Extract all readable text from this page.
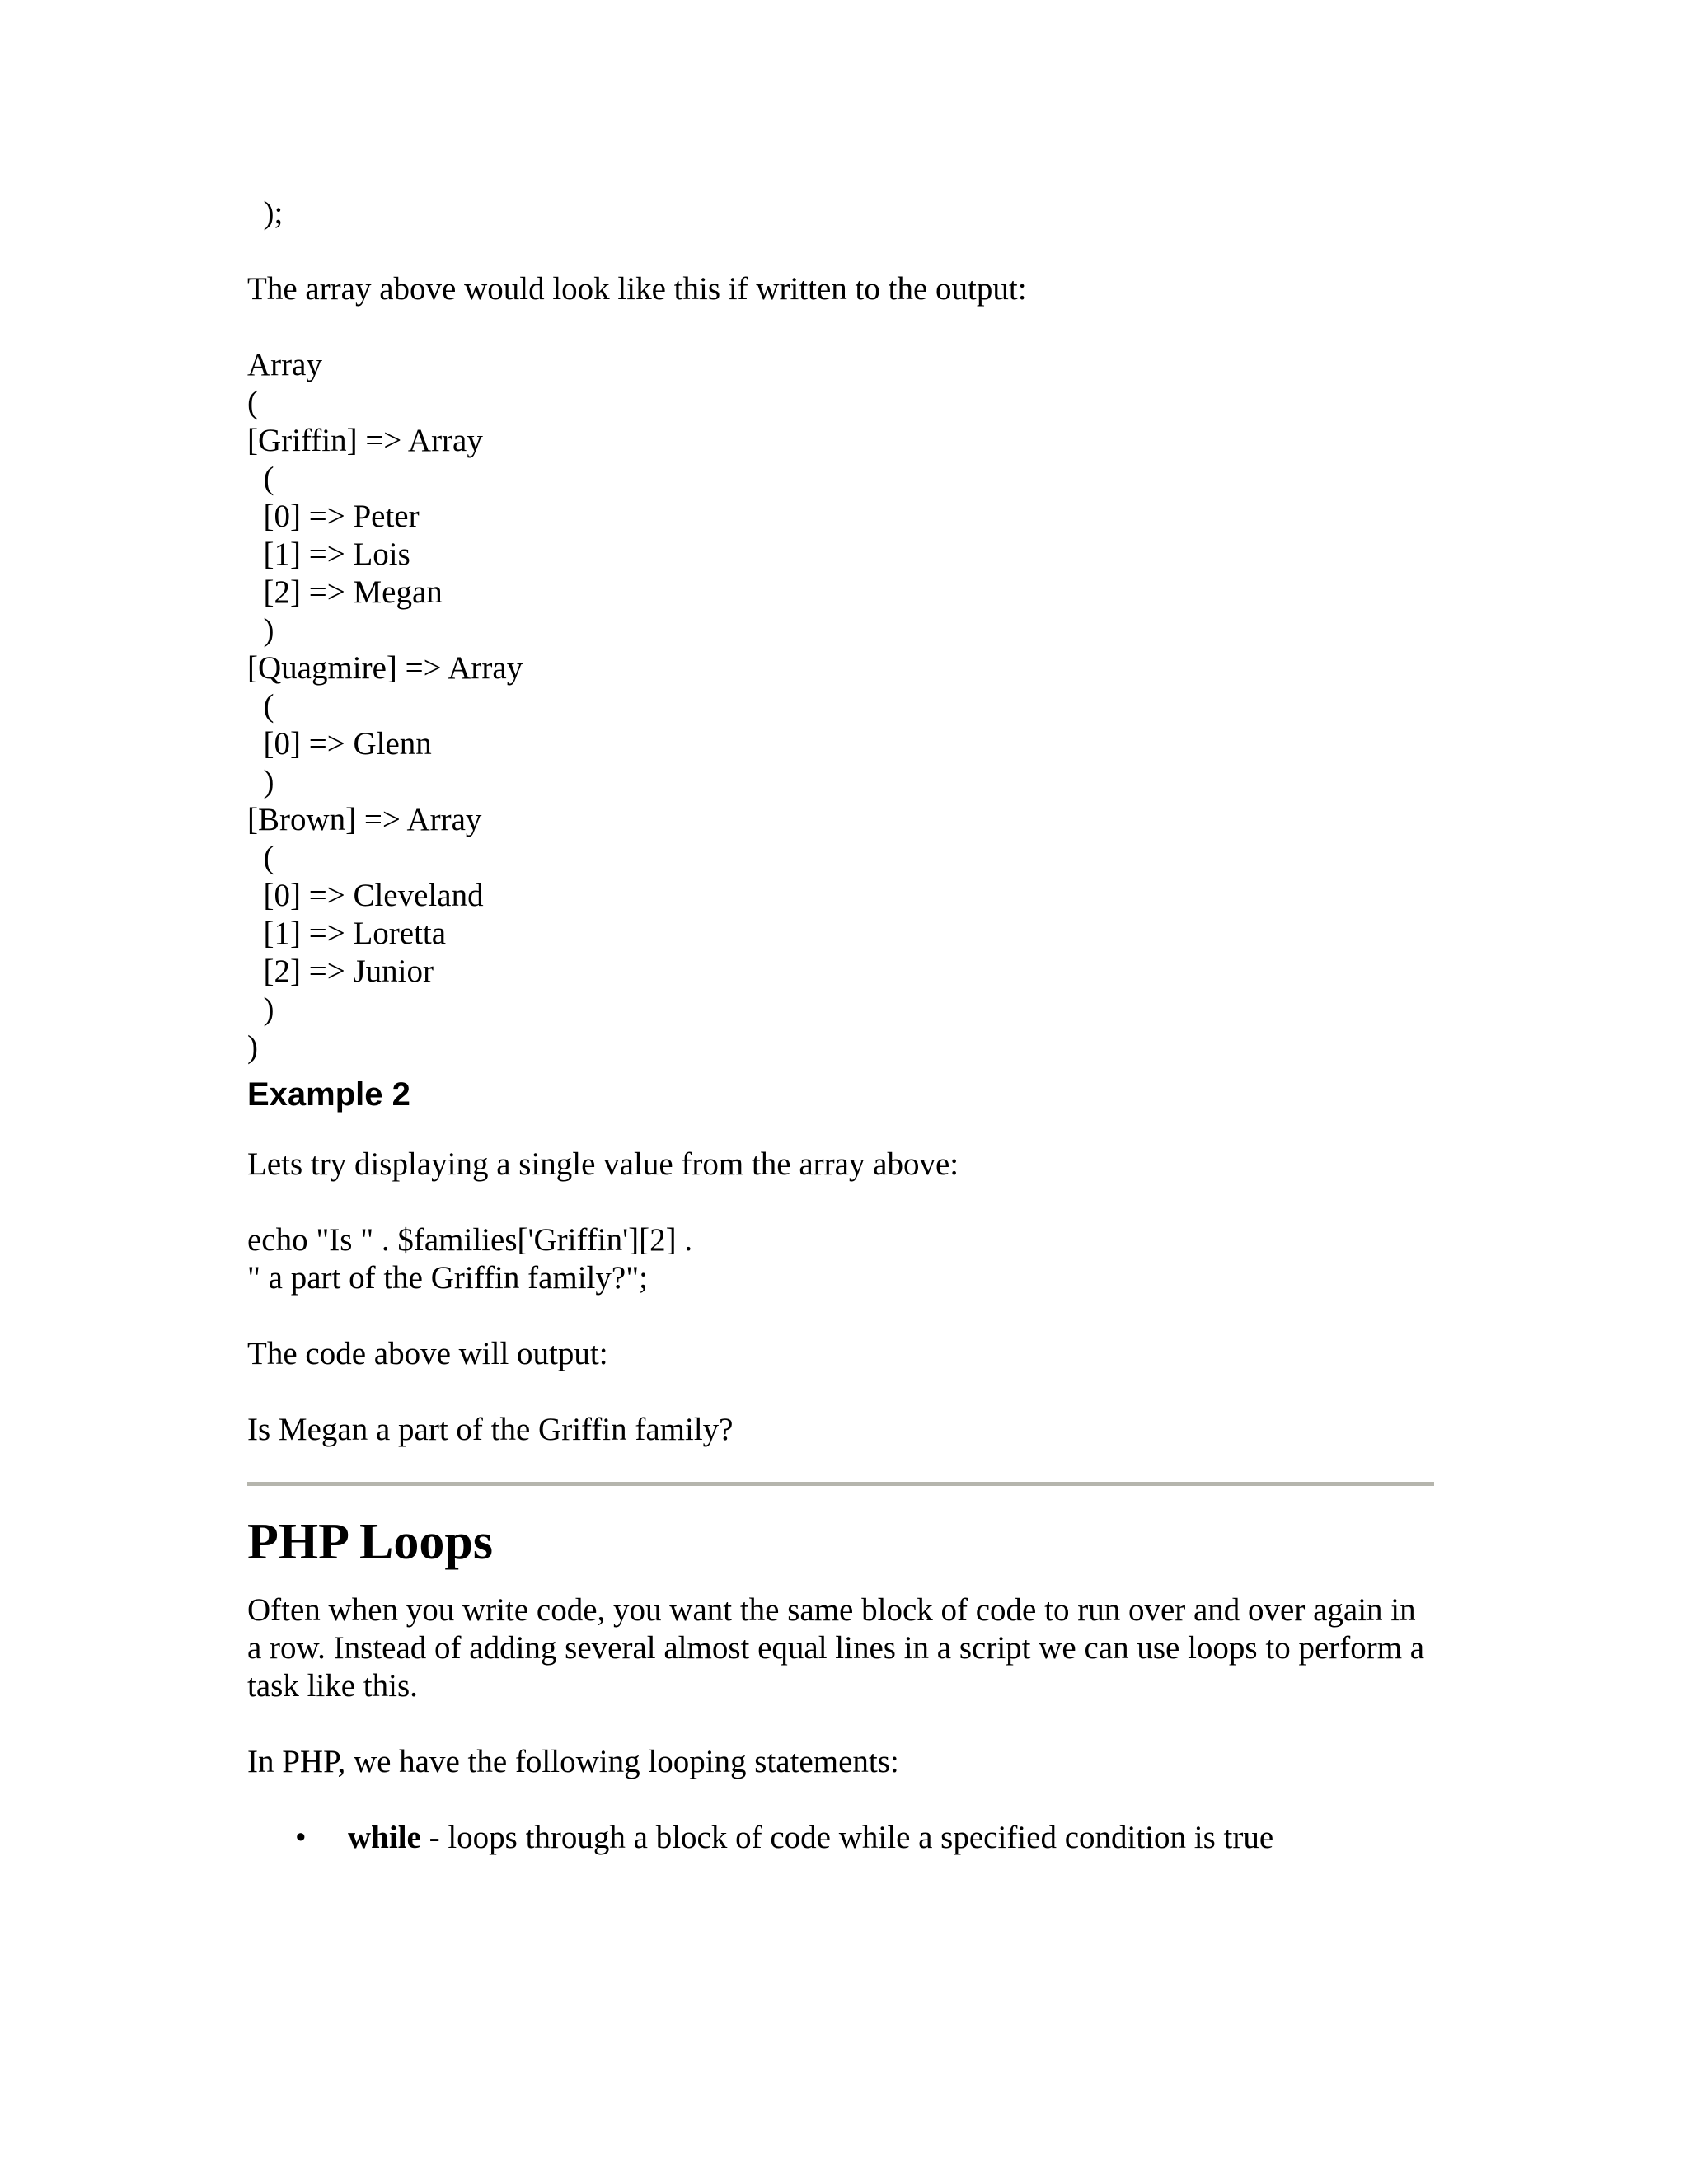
);
The array above would look like this if written to the output:
Array
(
[Griffin] => Array
(
[0] => Peter
[1] => Lois
[2] => Megan
)
[Quagmire] => Array
(
[0] => Glenn
)
[Brown] => Array
(
[0] => Cleveland
[1] => Loretta
[2] => Junior
)
)
Example 2
Lets try displaying a single value from the array above:
echo "Is " . $families['Griffin'][2] .
" a part of the Griffin family?";
The code above will output:
Is Megan a part of the Griffin family?
PHP Loops
Often when you write code, you want the same block of code to run over and over again in a row. Instead of adding several almost equal lines in a script we can use loops to perform a task like this.
In PHP, we have the following looping statements:
• while - loops through a block of code while a specified condition is true
